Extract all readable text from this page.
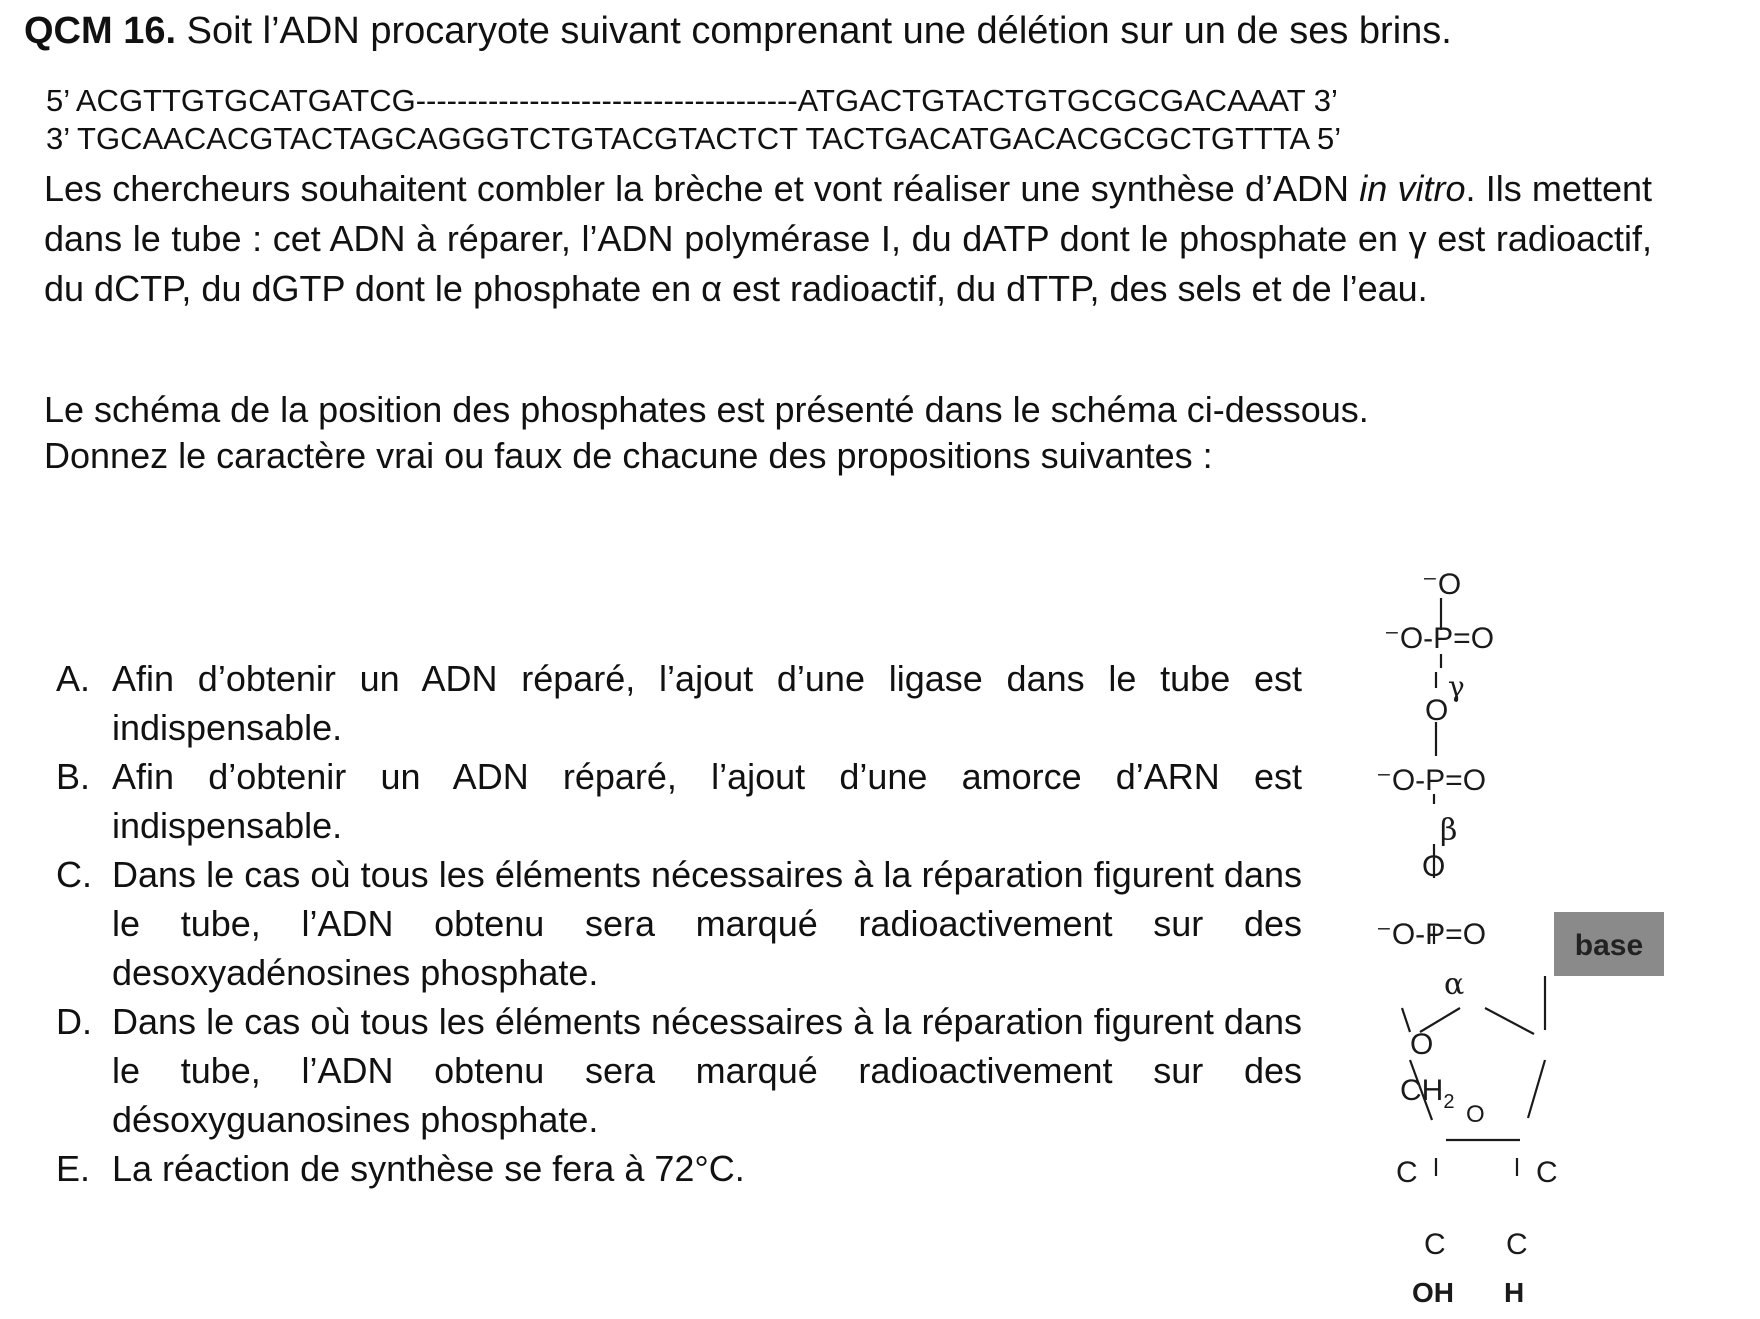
QCM 16. Soit l’ADN procaryote suivant comprenant une délétion sur un de ses brins.
5’ ACGTTGTGCATGATCG-------------------------------------ATGACTGTACTGTGCGCGACAAAT 3’
3’ TGCAACACGTACTAGCAGGGTCTGTACGTACTCT TACTGACATGACACGCGCTGTTTA 5’
Les chercheurs souhaitent combler la brèche et vont réaliser une synthèse d’ADN in vitro. Ils mettent dans le tube : cet ADN à réparer, l’ADN polymérase I, du dATP dont le phosphate en γ est radioactif, du dCTP, du dGTP dont le phosphate en α est radioactif, du dTTP, des sels et de l’eau.
Le schéma de la position des phosphates est présenté dans le schéma ci-dessous.
Donnez le caractère vrai ou faux de chacune des propositions suivantes :
A. Afin d’obtenir un ADN réparé, l’ajout d’une ligase dans le tube est indispensable.
B. Afin d’obtenir un ADN réparé, l’ajout d’une amorce d’ARN est indispensable.
C. Dans le cas où tous les éléments nécessaires à la réparation figurent dans le tube, l’ADN obtenu sera marqué radioactivement sur des desoxyadénosines phosphate.
D. Dans le cas où tous les éléments nécessaires à la réparation figurent dans le tube, l’ADN obtenu sera marqué radioactivement sur des désoxyguanosines phosphate.
E. La réaction de synthèse se fera à 72°C.
⁻O
⁻O-P=O
γ
O
⁻O-P=O
β
O
⁻O-P=O
α
O
$CH_2$ O
C	C
C C
OH H
base
